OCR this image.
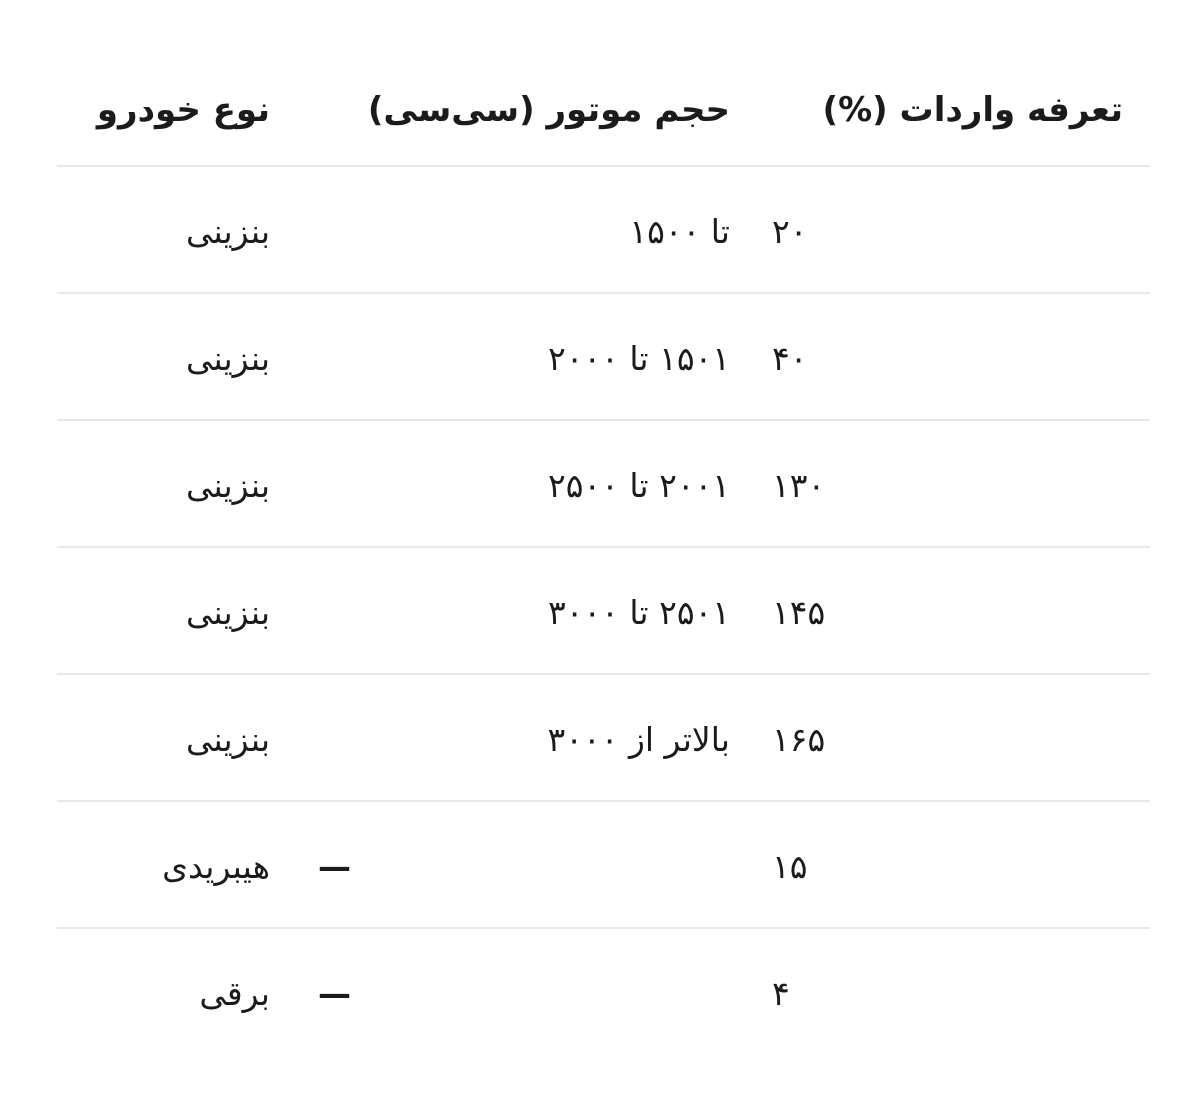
تعرفه واردات (%)	حجم موتور (سی‌سی)	نوع خودرو
۲۰	تا ۱۵۰۰	بنزینی
۴۰	۱۵۰۱ تا ۲۰۰۰	بنزینی
۱۳۰	۲۰۰۱ تا ۲۵۰۰	بنزینی
۱۴۵	۲۵۰۱ تا ۳۰۰۰	بنزینی
۱۶۵	بالاتر از ۳۰۰۰	بنزینی
۱۵	—	هیبریدی
۴	—	برقی
